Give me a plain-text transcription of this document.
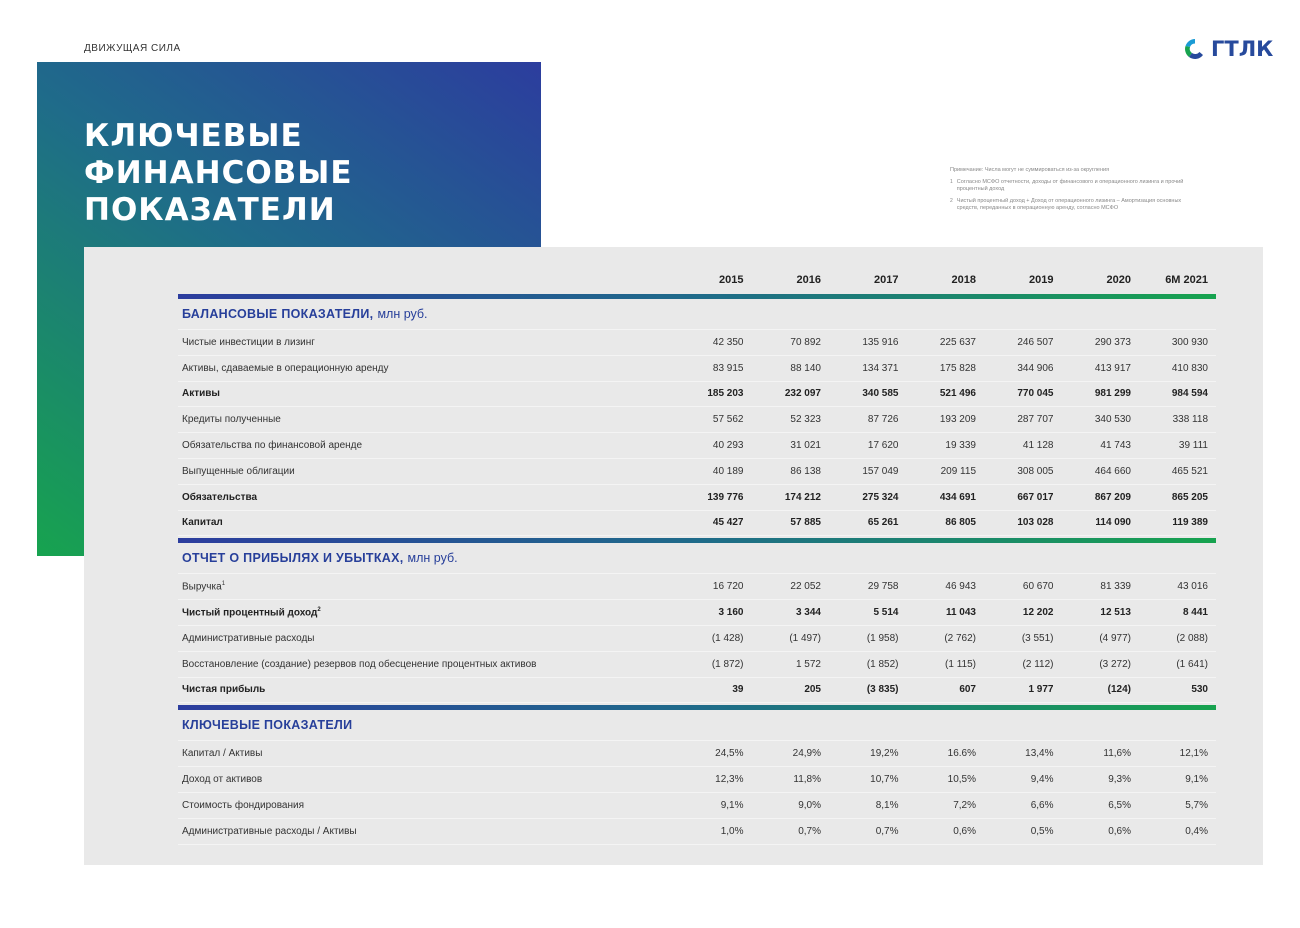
ДВИЖУЩАЯ СИЛА	ГТЛК
КЛЮЧЕВЫЕ
ФИНАНСОВЫЕ
ПОКАЗАТЕЛИ
Примечание: Числа могут не суммироваться из-за округления
1 Согласно МСФО отчетности, доходы от финансового и операционного лизинга и прочий процентный доход
2 Чистый процентный доход + Доход от операционного лизинга – Амортизация основных средств, переданных в операционную аренду, согласно МСФО
2015	2016	2017	2018	2019	2020	6М 2021
БАЛАНСОВЫЕ ПОКАЗАТЕЛИ, млн руб.
Чистые инвестиции в лизинг	42 350	70 892	135 916	225 637	246 507	290 373	300 930
Активы, сдаваемые в операционную аренду	83 915	88 140	134 371	175 828	344 906	413 917	410 830
Активы	185 203	232 097	340 585	521 496	770 045	981 299	984 594
Кредиты полученные	57 562	52 323	87 726	193 209	287 707	340 530	338 118
Обязательства по финансовой аренде	40 293	31 021	17 620	19 339	41 128	41 743	39 111
Выпущенные облигации	40 189	86 138	157 049	209 115	308 005	464 660	465 521
Обязательства	139 776	174 212	275 324	434 691	667 017	867 209	865 205
Капитал	45 427	57 885	65 261	86 805	103 028	114 090	119 389
ОТЧЕТ О ПРИБЫЛЯХ И УБЫТКАХ, млн руб.
Выручка$^1$	16 720	22 052	29 758	46 943	60 670	81 339	43 016
Чистый процентный доход$^2$	3 160	3 344	5 514	11 043	12 202	12 513	8 441
Административные расходы	(1 428)	(1 497)	(1 958)	(2 762)	(3 551)	(4 977)	(2 088)
Восстановление (создание) резервов под обесценение процентных активов	(1 872)	1 572	(1 852)	(1 115)	(2 112)	(3 272)	(1 641)
Чистая прибыль	39	205	(3 835)	607	1 977	(124)	530
КЛЮЧЕВЫЕ ПОКАЗАТЕЛИ
Капитал / Активы	24,5%	24,9%	19,2%	16.6%	13,4%	11,6%	12,1%
Доход от активов	12,3%	11,8%	10,7%	10,5%	9,4%	9,3%	9,1%
Стоимость фондирования	9,1%	9,0%	8,1%	7,2%	6,6%	6,5%	5,7%
Административные расходы / Активы	1,0%	0,7%	0,7%	0,6%	0,5%	0,6%	0,4%
